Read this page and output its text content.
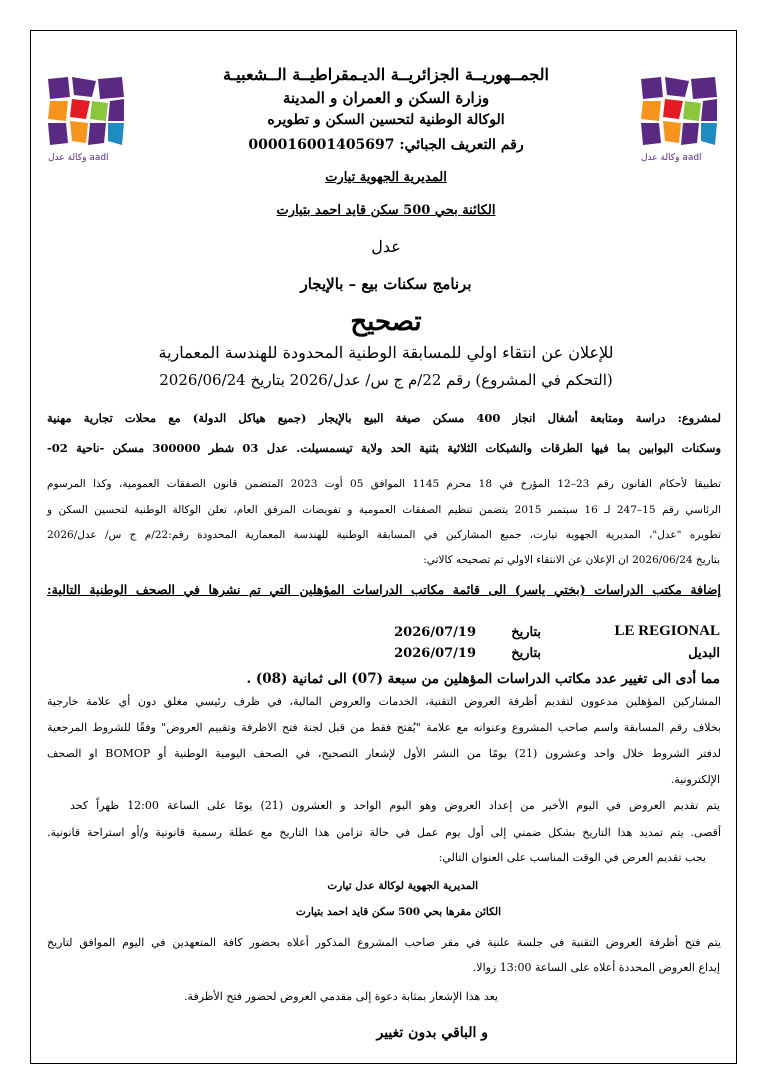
وكالة عدل aadl	وكالة عدل aadl
الجمــهوريــة الجزائريــة الديـمقراطيــة الــشعبيـة
وزارة السكن و العمران و المدينة
الوكالة الوطنية لتحسين السكن و تطويره
رقم التعريف الجبائي: 000016001405697
المديرية الجهوية تيارت
الكائنة بحي 500 سكن قايد احمد بتيارت
عدل
برنامج سكنات بيع – بالإيجار
تصحيح
للإعلان عن انتقاء اولي للمسابقة الوطنية المحدودة للهندسة المعمارية
(التحكم في المشروع) رقم 22/م ج س/ عدل/2026 بتاريخ 2026/06/24
لمشروع: دراسة ومتابعة أشغال انجاز 400 مسكن صيغة البيع بالإيجار (جميع هياكل الدولة) مع محلات تجارية مهنية
وسكنات البوابين بما فيها الطرقات والشبكات الثلاثية بثنية الحد ولاية تيسمسيلت. عدل 03 شطر 300000 مسكن -ناحية 02-
تطبيقا لأحكام القانون رقم 23–12 المؤرخ في 18 محرم 1145 الموافق 05 أوت 2023 المتضمن قانون الصفقات العمومية، وكذا المرسوم
الرئاسي رقم 15–247 لـ 16 سبتمبر 2015 يتضمن تنظيم الصفقات العمومية و تفويضات المرفق العام، تعلن الوكالة الوطنية لتحسين السكن و
تطويره "عدل"، المديرية الجهوية تيارت، جميع المشاركين في المسابقة الوطنية للهندسة المعمارية المحدودة رقم:22/م ج س/ عدل/2026
بتاريخ 2026/06/24 ان الإعلان عن الانتقاء الاولي تم تصحيحه كالاتي:
إضافة مكتب الدراسات (بختي ياسر) الى قائمة مكاتب الدراسات المؤهلين التي تم نشرها في الصحف الوطنية التالية:
LE REGIONAL
بتاريخ
2026/07/19
البديل
بتاريخ
2026/07/19
مما أدى الى تغيير عدد مكاتب الدراسات المؤهلين من سبعة (07) الى ثمانية (08) .
المشاركين المؤهلين مدعوون لتقديم أظرفة العروض التقنية، الخدمات والعروض المالية، في ظرف رئيسي مغلق دون أي علامة خارجية
بخلاف رقم المسابقة واسم صاحب المشروع وعنوانه مع علامة "يُفتح فقط من قبل لجنة فتح الاظرفة وتقييم العروض" وفقًا للشروط المرجعية
لدفتر الشروط خلال واحد وعشرون (21) يومًا من النشر الأول لإشعار التصحيح، في الصحف اليومية الوطنية أو BOMOP او الصحف
الإلكترونية.
يتم تقديم العروض في اليوم الأخير من إعداد العروض وهو اليوم الواحد و العشرون (21) يومًا على الساعة 12:00 ظهراً كحد
أقصى. يتم تمديد هذا التاريخ بشكل ضمني إلى أول يوم عمل في حالة تزامن هذا التاريخ مع عطلة رسمية قانونية و/أو استراحة قانونية.
يجب تقديم العرض في الوقت المناسب على العنوان التالي:
المديرية الجهوية لوكالة عدل تيارت
الكائن مقرها بحي 500 سكن قايد احمد بتيارت
يتم فتح أظرفة العروض التقنية في جلسة علنية في مقر صاحب المشروع المذكور أعلاه بحضور كافة المتعهدين في اليوم الموافق لتاريخ
إيداع العروض المحددة أعلاه على الساعة 13:00 زوالا.
يعد هذا الإشعار بمثابة دعوة إلى مقدمي العروض لحضور فتح الأظرفة.
و الباقي بدون تغيير
